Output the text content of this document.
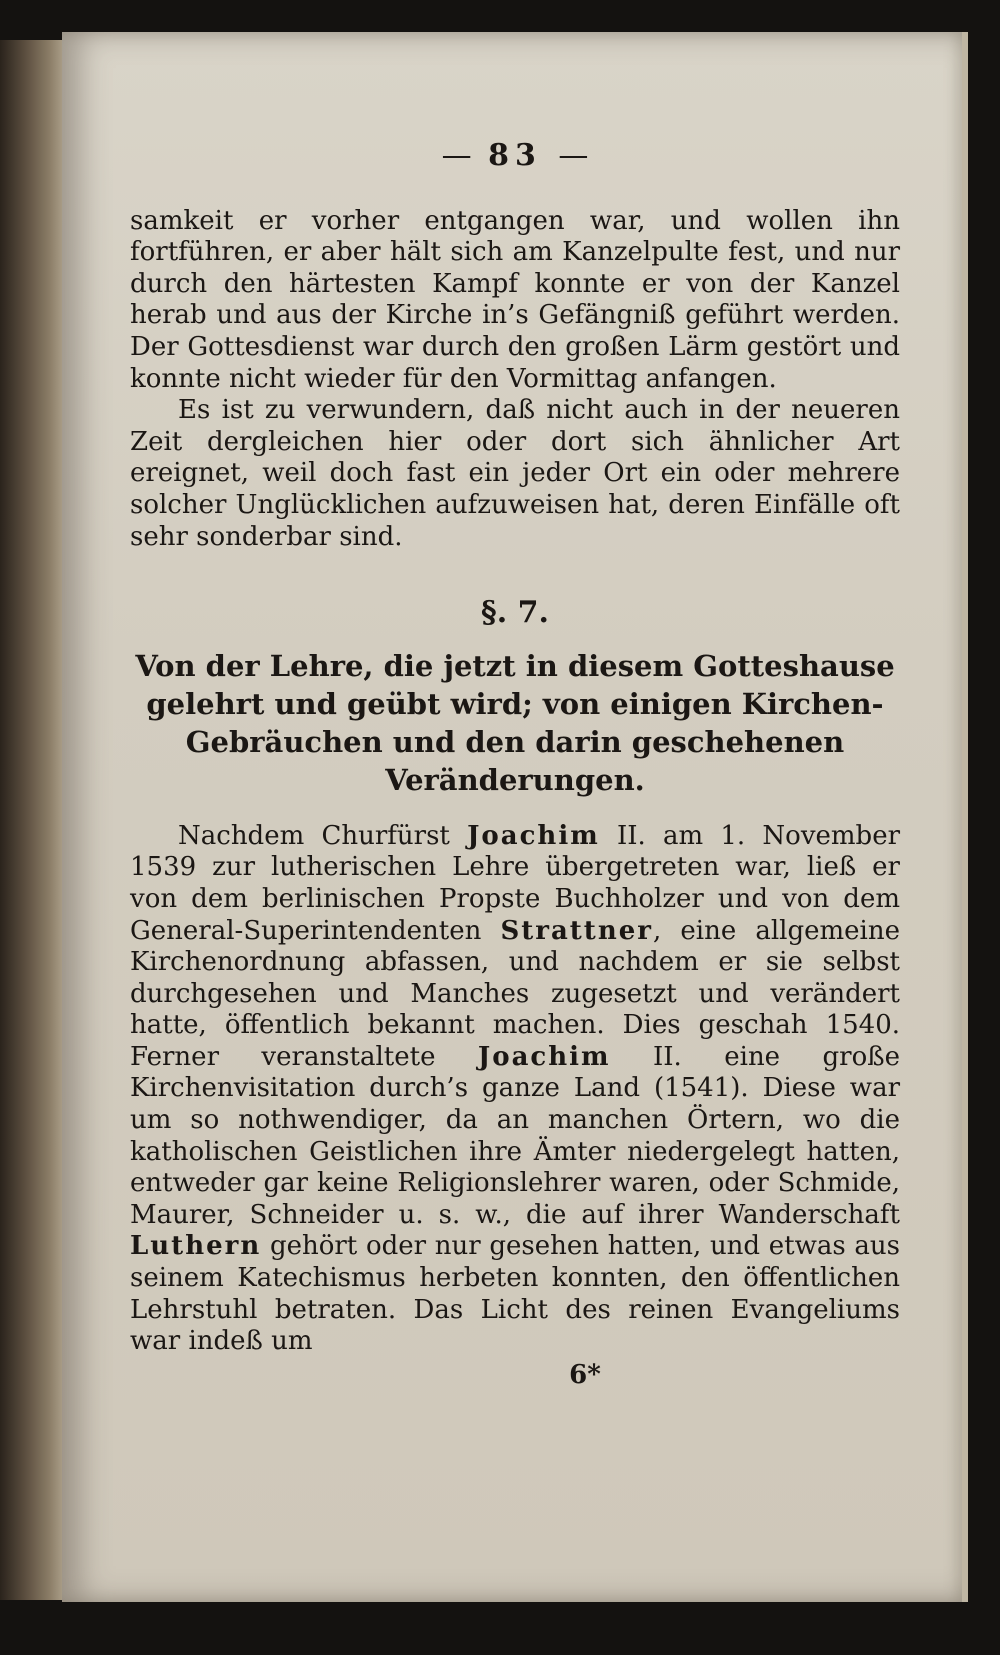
— 83 —

samkeit er vorher entgangen war, und wollen ihn fortführen, er aber hält sich am Kanzelpulte fest, und nur durch den härtesten Kampf konnte er von der Kanzel herab und aus der Kirche in’s Gefängniß geführt werden. Der Gottesdienst war durch den großen Lärm gestört und konnte nicht wieder für den Vormittag anfangen.

Es ist zu verwundern, daß nicht auch in der neueren Zeit dergleichen hier oder dort sich ähnlicher Art ereignet, weil doch fast ein jeder Ort ein oder mehrere solcher Unglücklichen aufzuweisen hat, deren Einfälle oft sehr sonderbar sind.

§. 7.
Von der Lehre, die jetzt in diesem Gotteshause gelehrt und geübt wird; von einigen Kirchen-Gebräuchen und den darin geschehenen Veränderungen.

Nachdem Churfürst Joachim II. am 1. November 1539 zur lutherischen Lehre übergetreten war, ließ er von dem berlinischen Propste Buchholzer und von dem General-Superintendenten Strattner, eine allgemeine Kirchenordnung abfassen, und nachdem er sie selbst durchgesehen und Manches zugesetzt und verändert hatte, öffentlich bekannt machen. Dies geschah 1540. Ferner veranstaltete Joachim II. eine große Kirchenvisitation durch’s ganze Land (1541). Diese war um so nothwendiger, da an manchen Örtern, wo die katholischen Geistlichen ihre Ämter niedergelegt hatten, entweder gar keine Religionslehrer waren, oder Schmide, Maurer, Schneider u. s. w., die auf ihrer Wanderschaft Luthern gehört oder nur gesehen hatten, und etwas aus seinem Katechismus herbeten konnten, den öffentlichen Lehrstuhl betraten. Das Licht des reinen Evangeliums war indeß um

6*
